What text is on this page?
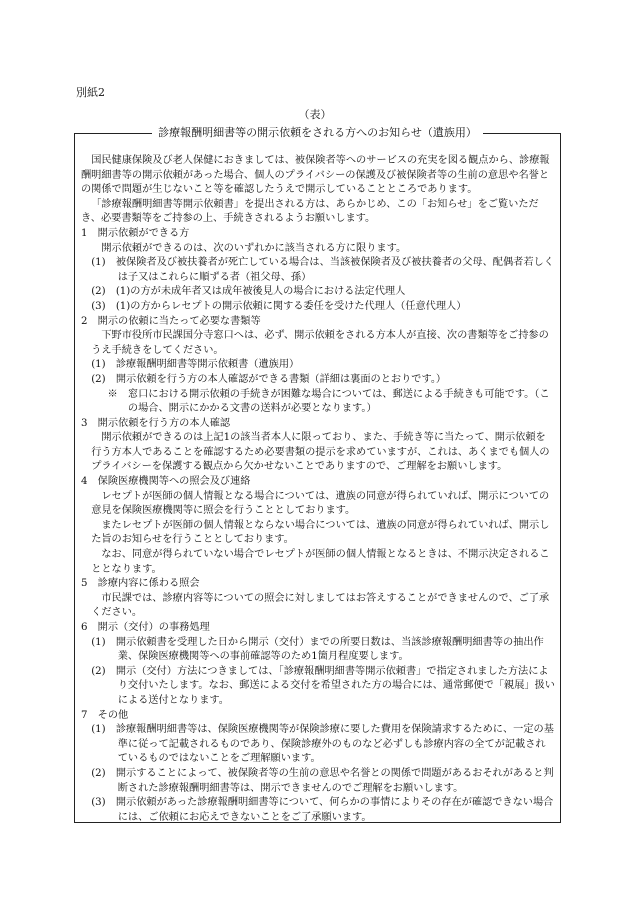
別紙2
（表）
診療報酬明細書等の開示依頼をされる方へのお知らせ（遺族用）

国民健康保険及び老人保健におきましては、被保険者等へのサービスの充実を図る観点から、診療報酬明細書等の開示依頼があった場合、個人のプライバシーの保護及び被保険者等の生前の意思や名誉との関係で問題が生じないこと等を確認したうえで開示していることところであります。

「診療報酬明細書等開示依頼書」を提出される方は、あらかじめ、この「お知らせ」をご覧いただき、必要書類等をご持参の上、手続きされるようお願いします。

1　開示依頼ができる方

開示依頼ができるのは、次のいずれかに該当される方に限ります。

(1)　被保険者及び被扶養者が死亡している場合は、当該被保険者及び被扶養者の父母、配偶者若しくは子又はこれらに順ずる者（祖父母、孫）

(2)　(1)の方が未成年者又は成年被後見人の場合における法定代理人

(3)　(1)の方からレセプトの開示依頼に関する委任を受けた代理人（任意代理人）

2　開示の依頼に当たって必要な書類等

下野市役所市民課国分寺窓口へは、必ず、開示依頼をされる方本人が直接、次の書類等をご持参のうえ手続きをしてください。

(1)　診療報酬明細書等開示依頼書（遺族用）

(2)　開示依頼を行う方の本人確認ができる書類（詳細は裏面のとおりです。）

※　窓口における開示依頼の手続きが困難な場合については、郵送による手続きも可能です。（この場合、開示にかかる文書の送料が必要となります。）

3　開示依頼を行う方の本人確認

開示依頼ができるのは上記1の該当者本人に限っており、また、手続き等に当たって、開示依頼を行う方本人であることを確認するため必要書類の提示を求めていますが、これは、あくまでも個人のプライバシーを保護する観点から欠かせないことでありますので、ご理解をお願いします。

4　保険医療機関等への照会及び連絡

レセプトが医師の個人情報となる場合については、遺族の同意が得られていれば、開示についての意見を保険医療機関等に照会を行うこととしております。

またレセプトが医師の個人情報とならない場合については、遺族の同意が得られていれば、開示した旨のお知らせを行うこととしております。

なお、同意が得られていない場合でレセプトが医師の個人情報となるときは、不開示決定されることとなります。

5　診療内容に係わる照会

市民課では、診療内容等についての照会に対しましてはお答えすることができませんので、ご了承ください。

6　開示（交付）の事務処理

(1)　開示依頼書を受理した日から開示（交付）までの所要日数は、当該診療報酬明細書等の抽出作業、保険医療機関等への事前確認等のため1箇月程度要します。

(2)　開示（交付）方法につきましては、「診療報酬明細書等開示依頼書」で指定されました方法により交付いたします。なお、郵送による交付を希望された方の場合には、通常郵便で「親展」扱いによる送付となります。

7　その他

(1)　診療報酬明細書等は、保険医療機関等が保険診療に要した費用を保険請求するために、一定の基準に従って記載されるものであり、保険診療外のものなど必ずしも診療内容の全てが記載されているものではないことをご理解願います。

(2)　開示することによって、被保険者等の生前の意思や名誉との関係で問題があるおそれがあると判断された診療報酬明細書等は、開示できませんのでご理解をお願いします。

(3)　開示依頼があった診療報酬明細書等について、何らかの事情によりその存在が確認できない場合には、ご依頼にお応えできないことをご了承願います。
